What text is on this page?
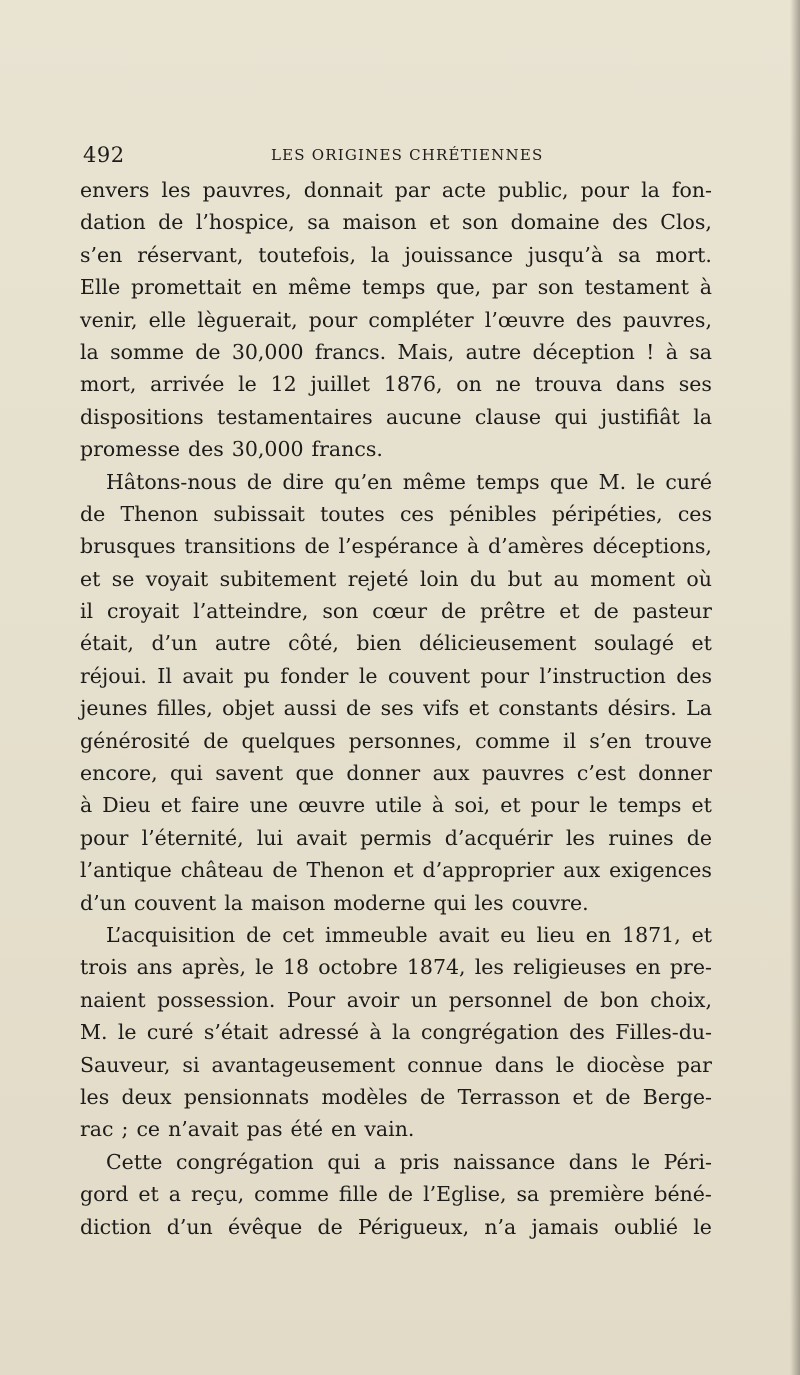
492	LES ORIGINES CHRÉTIENNES
envers les pauvres, donnait par acte public, pour la fon-
dation de l’hospice, sa maison et son domaine des Clos,
s’en réservant, toutefois, la jouissance jusqu’à sa mort.
Elle promettait en même temps que, par son testament à
venir, elle lèguerait, pour compléter l’œuvre des pauvres,
la somme de 30,000 francs. Mais, autre déception ! à sa
mort, arrivée le 12 juillet 1876, on ne trouva dans ses
dispositions testamentaires aucune clause qui justifiât la
promesse des 30,000 francs.
Hâtons-nous de dire qu’en même temps que M. le curé
de Thenon subissait toutes ces pénibles péripéties, ces
brusques transitions de l’espérance à d’amères déceptions,
et se voyait subitement rejeté loin du but au moment où
il croyait l’atteindre, son cœur de prêtre et de pasteur
était, d’un autre côté, bien délicieusement soulagé et
réjoui. Il avait pu fonder le couvent pour l’instruction des
jeunes filles, objet aussi de ses vifs et constants désirs. La
générosité de quelques personnes, comme il s’en trouve
encore, qui savent que donner aux pauvres c’est donner
à Dieu et faire une œuvre utile à soi, et pour le temps et
pour l’éternité, lui avait permis d’acquérir les ruines de
l’antique château de Thenon et d’approprier aux exigences
d’un couvent la maison moderne qui les couvre.
L’acquisition de cet immeuble avait eu lieu en 1871, et
trois ans après, le 18 octobre 1874, les religieuses en pre-
naient possession. Pour avoir un personnel de bon choix,
M. le curé s’était adressé à la congrégation des Filles-du-
Sauveur, si avantageusement connue dans le diocèse par
les deux pensionnats modèles de Terrasson et de Berge-
rac ; ce n’avait pas été en vain.
Cette congrégation qui a pris naissance dans le Péri-
gord et a reçu, comme fille de l’Eglise, sa première béné-
diction d’un évêque de Périgueux, n’a jamais oublié le
